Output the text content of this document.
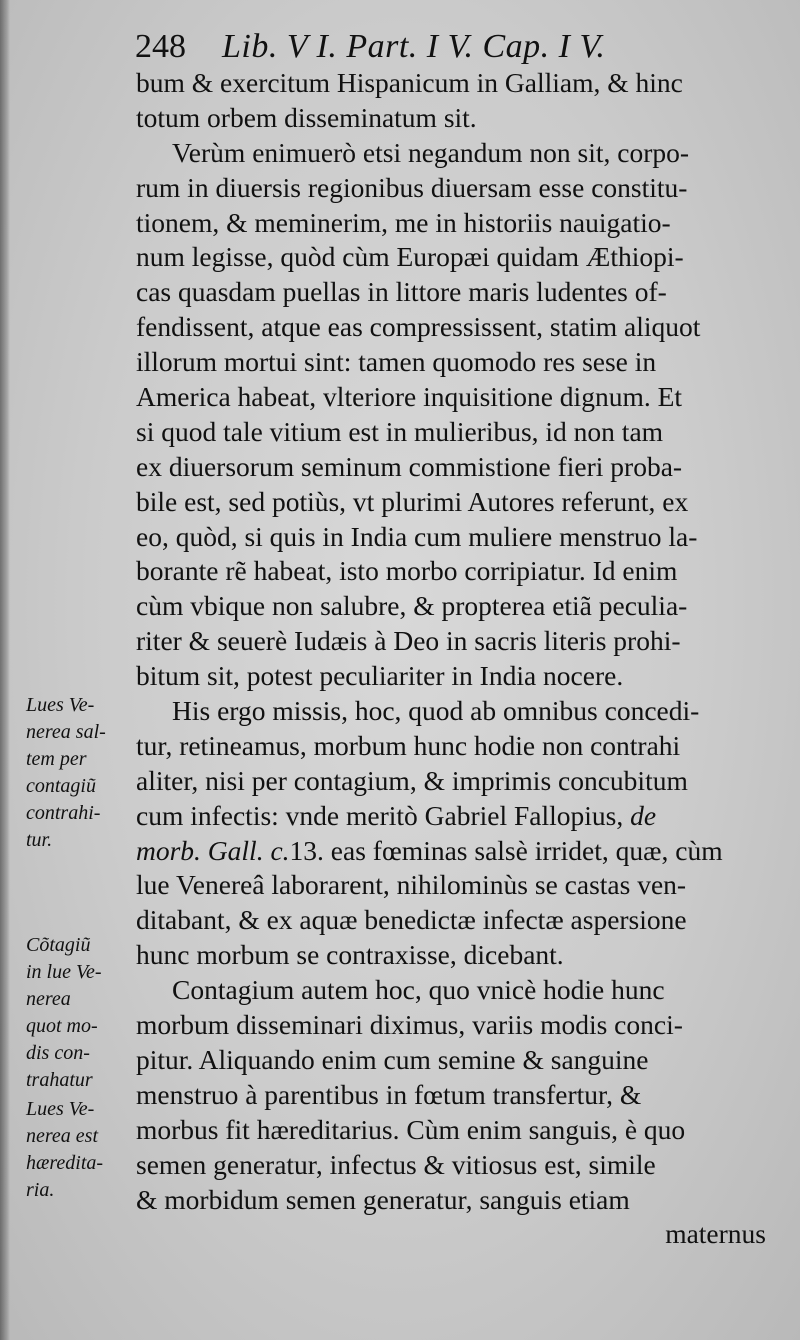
248 Lib. V I. Part. I V. Cap. I V.
bum & exercitum Hispanicum in Galliam, & hinc
totum orbem disseminatum sit.
Verùm enimuerò etsi negandum non sit, corpo-
rum in diuersis regionibus diuersam esse constitu-
tionem, & meminerim, me in historiis nauigatio-
num legisse, quòd cùm Europæi quidam Æthiopi-
cas quasdam puellas in littore maris ludentes of-
fendissent, atque eas compressissent, statim aliquot
illorum mortui sint: tamen quomodo res sese in
America habeat, vlteriore inquisitione dignum. Et
si quod tale vitium est in mulieribus, id non tam
ex diuersorum seminum commistione fieri proba-
bile est, sed potiùs, vt plurimi Autores referunt, ex
eo, quòd, si quis in India cum muliere menstruo la-
borante rẽ habeat, isto morbo corripiatur. Id enim
cùm vbique non salubre, & propterea etiã peculia-
riter & seuerè Iudæis à Deo in sacris literis prohi-
bitum sit, potest peculiariter in India nocere.
His ergo missis, hoc, quod ab omnibus concedi-
tur, retineamus, morbum hunc hodie non contrahi
aliter, nisi per contagium, & imprimis concubitum
cum infectis: vnde meritò Gabriel Fallopius, de
morb. Gall. c.13. eas fœminas salsè irridet, quæ, cùm
lue Venereâ laborarent, nihilominùs se castas ven-
ditabant, & ex aquæ benedictæ infectæ aspersione
hunc morbum se contraxisse, dicebant.
Contagium autem hoc, quo vnicè hodie hunc
morbum disseminari diximus, variis modis conci-
pitur. Aliquando enim cum semine & sanguine
menstruo à parentibus in fœtum transfertur, &
morbus fit hæreditarius. Cùm enim sanguis, è quo
semen generatur, infectus & vitiosus est, simile
& morbidum semen generatur, sanguis etiam
maternus
Lues Ve-
nerea sal-
tem per
contagiũ
contrahi-
tur.
Cõtagiũ
in lue Ve-
nerea
quot mo-
dis con-
trahatur
Lues Ve-
nerea est
hæredita-
ria.
